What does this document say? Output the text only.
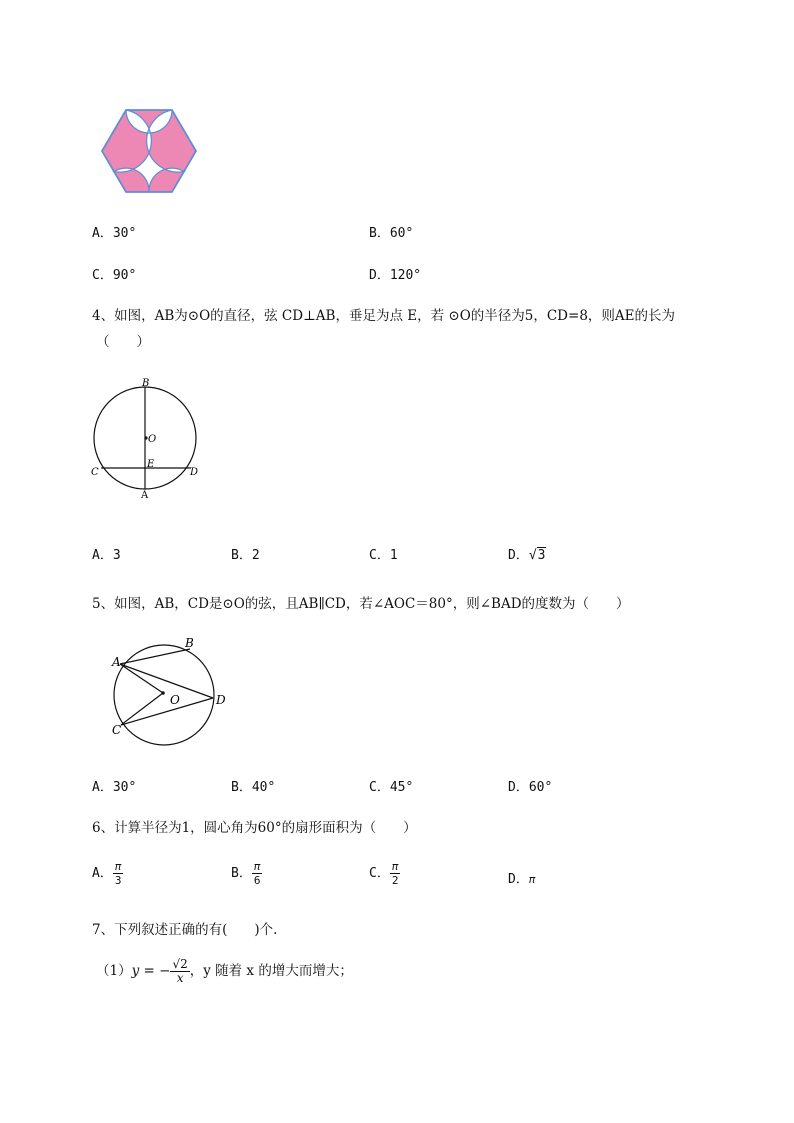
A．30°	B．60°
C．90°	D．120°
4、如图，AB为⊙O的直径，弦 CD⊥AB，垂足为点 E，若 ⊙O的半径为5，CD=8，则AE的长为
（　　）
B
O
C
E
D
A
A．3	B．2	C．1	D．√3
5、如图，AB，CD是⊙O的弦，且AB∥CD，若∠AOC＝80°，则∠BAD的度数为（　　）
A
B
O
C
D
A．30°	B．40°	C．45°	D．60°
6、计算半径为1，圆心角为60°的扇形面积为（　　）
A． $\frac{\pi}{3}$	B． $\frac{\pi}{6}$	C． $\frac{\pi}{2}$	D．π
7、下列叙述正确的有(　　)个.
（1）y = − $\frac{√2}{x}$ ，y 随着 x 的增大而增大；
